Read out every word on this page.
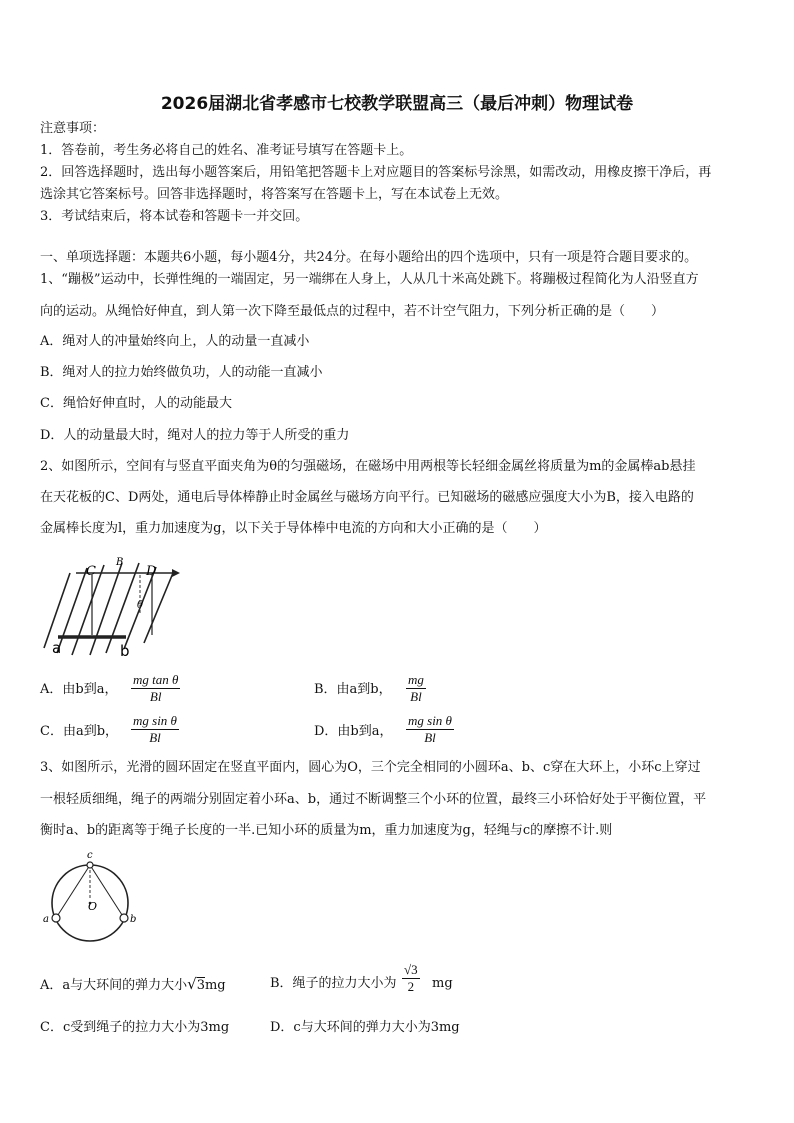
2026届湖北省孝感市七校教学联盟高三（最后冲刺）物理试卷
注意事项：
1．答卷前，考生务必将自己的姓名、准考证号填写在答题卡上。
2．回答选择题时，选出每小题答案后，用铅笔把答题卡上对应题目的答案标号涂黑，如需改动，用橡皮擦干净后，再
选涂其它答案标号。回答非选择题时，将答案写在答题卡上，写在本试卷上无效。
3．考试结束后，将本试卷和答题卡一并交回。
一、单项选择题：本题共6小题，每小题4分，共24分。在每小题给出的四个选项中，只有一项是符合题目要求的。
1、“蹦极”运动中，长弹性绳的一端固定，另一端绑在人身上，人从几十米高处跳下。将蹦极过程简化为人沿竖直方
向的运动。从绳恰好伸直，到人第一次下降至最低点的过程中，若不计空气阻力，下列分析正确的是（　　）
A．绳对人的冲量始终向上，人的动量一直减小
B．绳对人的拉力始终做负功，人的动能一直减小
C．绳恰好伸直时，人的动能最大
D．人的动量最大时，绳对人的拉力等于人所受的重力
2、如图所示，空间有与竖直平面夹角为θ的匀强磁场，在磁场中用两根等长轻细金属丝将质量为m的金属棒ab悬挂
在天花板的C、D两处，通电后导体棒静止时金属丝与磁场方向平行。已知磁场的磁感应强度大小为B，接入电路的
金属棒长度为l，重力加速度为g，以下关于导体棒中电流的方向和大小正确的是（　　）
C
B
D
θ
a	b
A．由b到a， $\frac{\text{mg tan θ}}{Bl}$	B．由a到b， $\frac{mg}{Bl}$
C．由a到b， $\frac{\text{mg sin θ}}{Bl}$	D．由b到a， $\frac{\text{mg sin θ}}{Bl}$
3、如图所示，光滑的圆环固定在竖直平面内，圆心为O，三个完全相同的小圆环a、b、c穿在大环上，小环c上穿过
一根轻质细绳，绳子的两端分别固定着小环a、b，通过不断调整三个小环的位置，最终三小环恰好处于平衡位置，平
衡时a、b的距离等于绳子长度的一半.已知小环的质量为m，重力加速度为g，轻绳与c的摩擦不计.则
c
O
a	b
A．a与大环间的弹力大小√3mg	B．绳子的拉力大小为 $\frac{√3}{2}$ mg
C．c受到绳子的拉力大小为3mg	D．c与大环间的弹力大小为3mg
